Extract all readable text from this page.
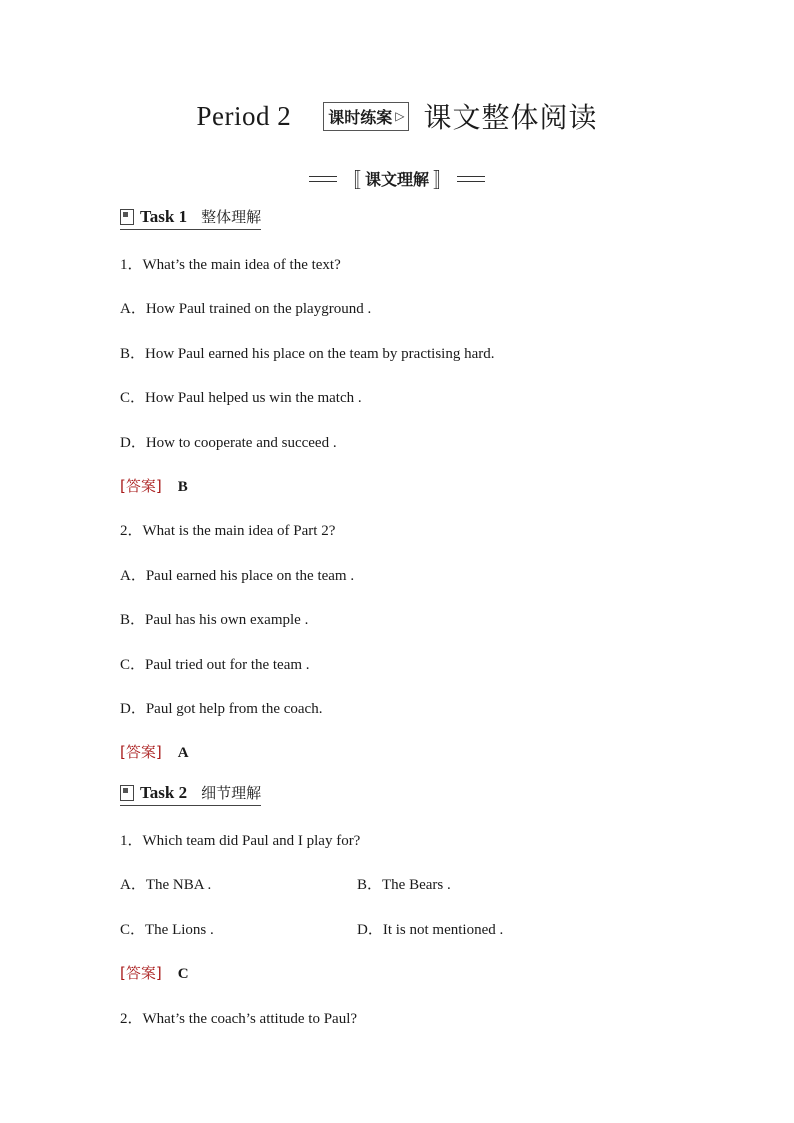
Period 2 课时练案 ▷ 课文整体阅读
〚 课文理解 〛
Task 1 整体理解
1．What’s the main idea of the text?
A．How Paul trained on the playground .
B．How Paul earned his place on the team by practising hard.
C．How Paul helped us win the match .
D．How to cooperate and succeed .
[答案] B
2．What is the main idea of Part 2?
A．Paul earned his place on the team .
B．Paul has his own example .
C．Paul tried out for the team .
D．Paul got help from the coach.
[答案] A
Task 2 细节理解
1．Which team did Paul and I play for?
A．The NBA .	B．The Bears .
C．The Lions .	D．It is not mentioned .
[答案] C
2．What’s the coach’s attitude to Paul?
